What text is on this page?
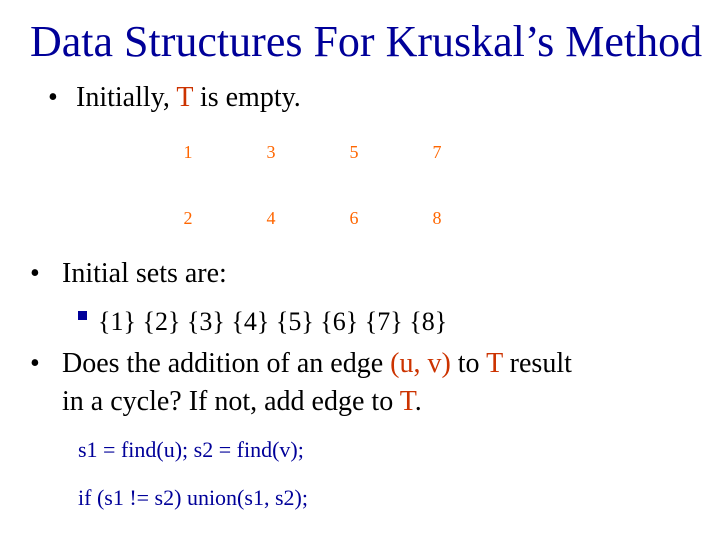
Data Structures For Kruskal’s Method
• Initially, T is empty.
1	3	5	7
2	4	6	8
• Initial sets are:
{1} {2} {3} {4} {5} {6} {7} {8}
• Does the addition of an edge (u, v) to T result
in a cycle? If not, add edge to T.
s1 = find(u); s2 = find(v);
if (s1 != s2) union(s1, s2);
